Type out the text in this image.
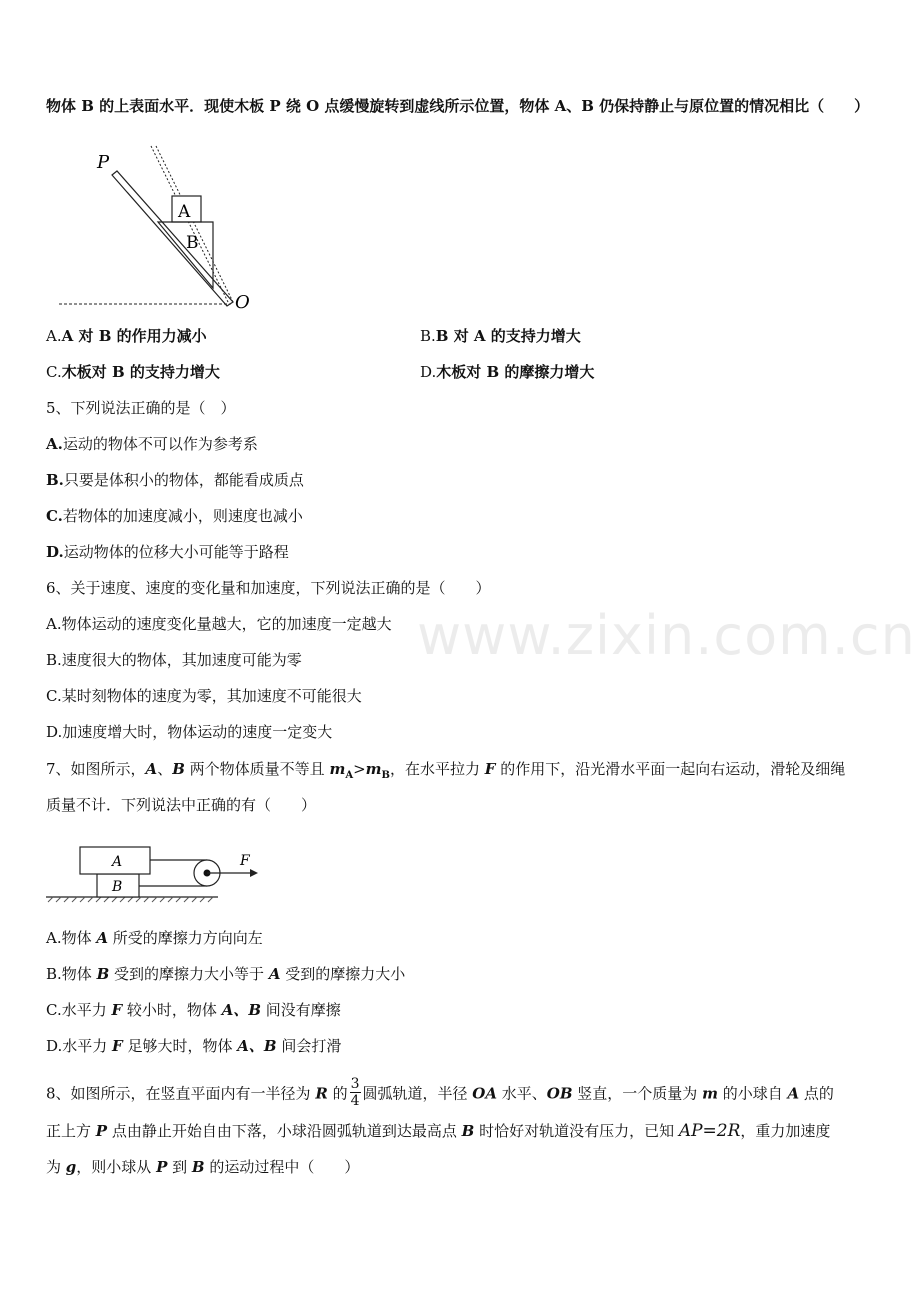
物体 B 的上表面水平．现使木板 P 绕 O 点缓慢旋转到虚线所示位置，物体 A、B 仍保持静止与原位置的情况相比（　　）
P
O
A
B
A.A 对 B 的作用力减小	B.B 对 A 的支持力增大
C.木板对 B 的支持力增大	D.木板对 B 的摩擦力增大
5、下列说法正确的是（　）
A.运动的物体不可以作为参考系
B.只要是体积小的物体，都能看成质点
C.若物体的加速度减小，则速度也减小
D.运动物体的位移大小可能等于路程
6、关于速度、速度的变化量和加速度，下列说法正确的是（　　）
A.物体运动的速度变化量越大，它的加速度一定越大
B.速度很大的物体，其加速度可能为零
C.某时刻物体的速度为零，其加速度不可能很大
D.加速度增大时，物体运动的速度一定变大
www.zixin.com.cn
7、如图所示，A、B 两个物体质量不等且 $m_A>m_B$，在水平拉力 F 的作用下，沿光滑水平面一起向右运动，滑轮及细绳
质量不计．下列说法中正确的有（　　）
A
B
F
A.物体 A 所受的摩擦力方向向左
B.物体 B 受到的摩擦力大小等于 A 受到的摩擦力大小
C.水平力 F 较小时，物体 A、B 间没有摩擦
D.水平力 F 足够大时，物体 A、B 间会打滑
8、如图所示，在竖直平面内有一半径为 R 的 $\frac{3}{4}$ 圆弧轨道，半径 OA 水平、OB 竖直，一个质量为 m 的小球自 A 点的
正上方 P 点由静止开始自由下落，小球沿圆弧轨道到达最高点 B 时恰好对轨道没有压力，已知 AP=2R，重力加速度
为 g，则小球从 P 到 B 的运动过程中（　　）
